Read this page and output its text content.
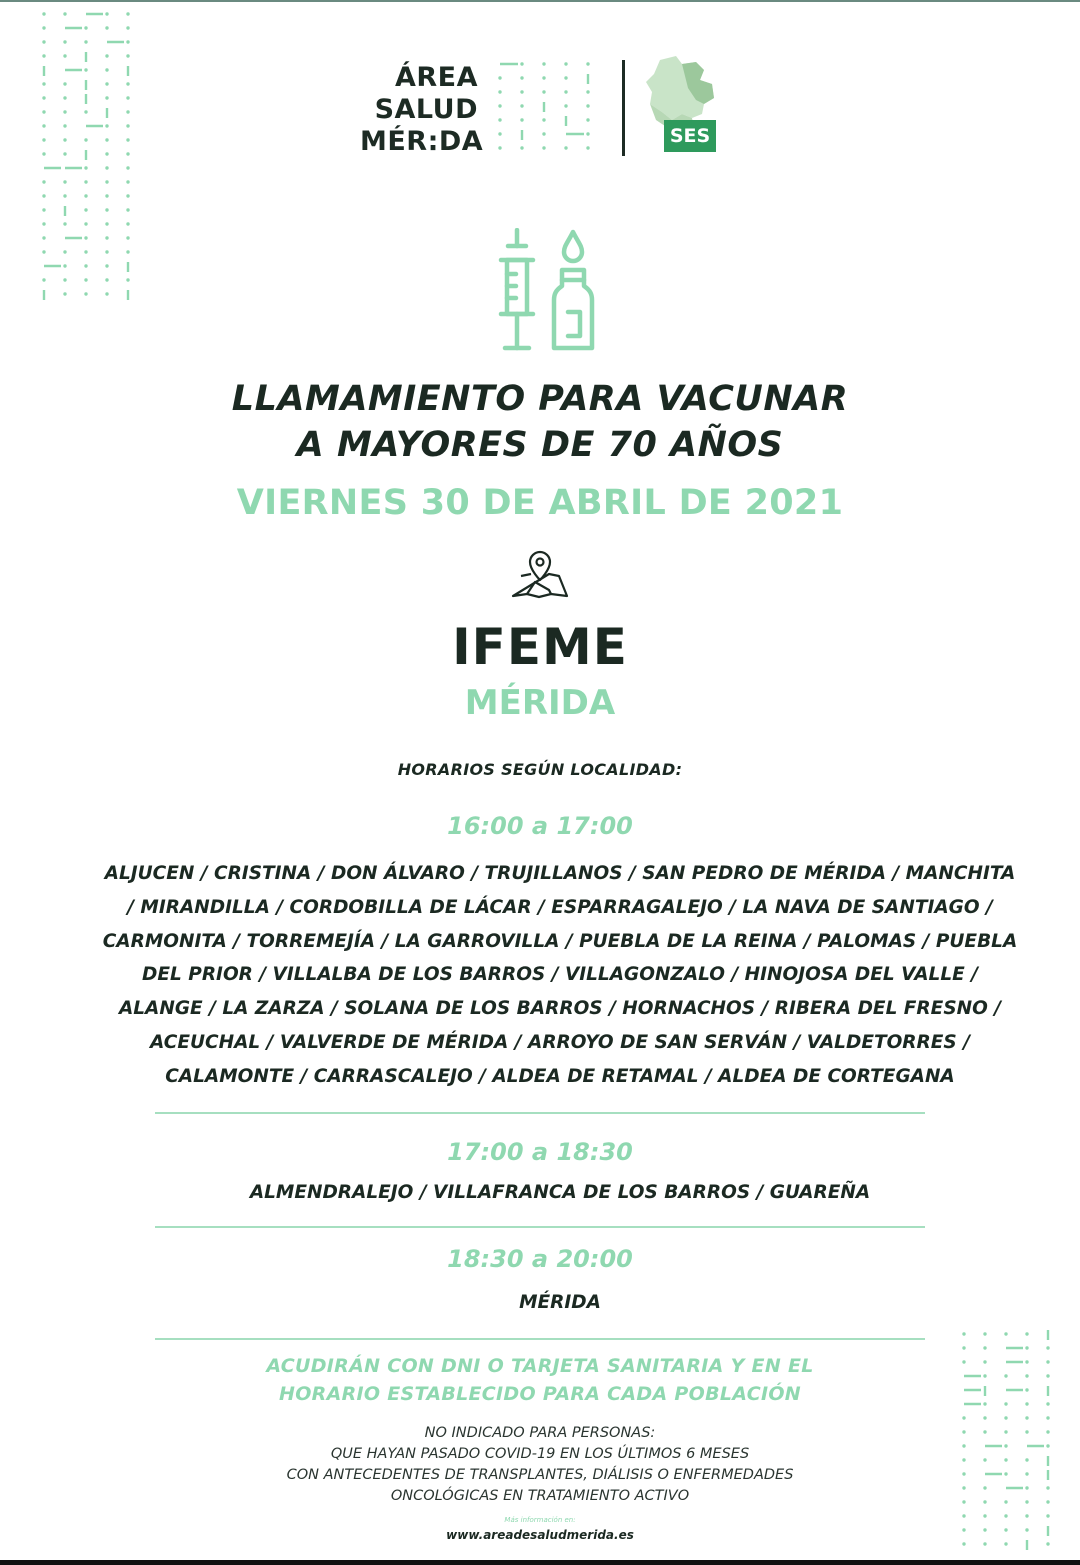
ÁREA
SALUD
MÉR:DA	SES
LLAMAMIENTO PARA VACUNAR
A MAYORES DE 70 AÑOS
VIERNES 30 DE ABRIL DE 2021
IFEME
MÉRIDA
HORARIOS SEGÚN LOCALIDAD:
16:00 a 17:00
ALJUCEN / CRISTINA / DON ÁLVARO / TRUJILLANOS / SAN PEDRO DE MÉRIDA / MANCHITA
/ MIRANDILLA / CORDOBILLA DE LÁCAR / ESPARRAGALEJO / LA NAVA DE SANTIAGO /
CARMONITA / TORREMEJÍA / LA GARROVILLA / PUEBLA DE LA REINA / PALOMAS / PUEBLA
DEL PRIOR / VILLALBA DE LOS BARROS / VILLAGONZALO / HINOJOSA DEL VALLE /
ALANGE / LA ZARZA / SOLANA DE LOS BARROS / HORNACHOS / RIBERA DEL FRESNO /
ACEUCHAL / VALVERDE DE MÉRIDA / ARROYO DE SAN SERVÁN / VALDETORRES /
CALAMONTE / CARRASCALEJO / ALDEA DE RETAMAL / ALDEA DE CORTEGANA
17:00 a 18:30
ALMENDRALEJO / VILLAFRANCA DE LOS BARROS / GUAREÑA
18:30 a 20:00
MÉRIDA
ACUDIRÁN CON DNI O TARJETA SANITARIA Y EN EL
HORARIO ESTABLECIDO PARA CADA POBLACIÓN
NO INDICADO PARA PERSONAS:
QUE HAYAN PASADO COVID-19 EN LOS ÚLTIMOS 6 MESES
CON ANTECEDENTES DE TRANSPLANTES, DIÁLISIS O ENFERMEDADES
ONCOLÓGICAS EN TRATAMIENTO ACTIVO
Más información en:
www.areadesaludmerida.es
